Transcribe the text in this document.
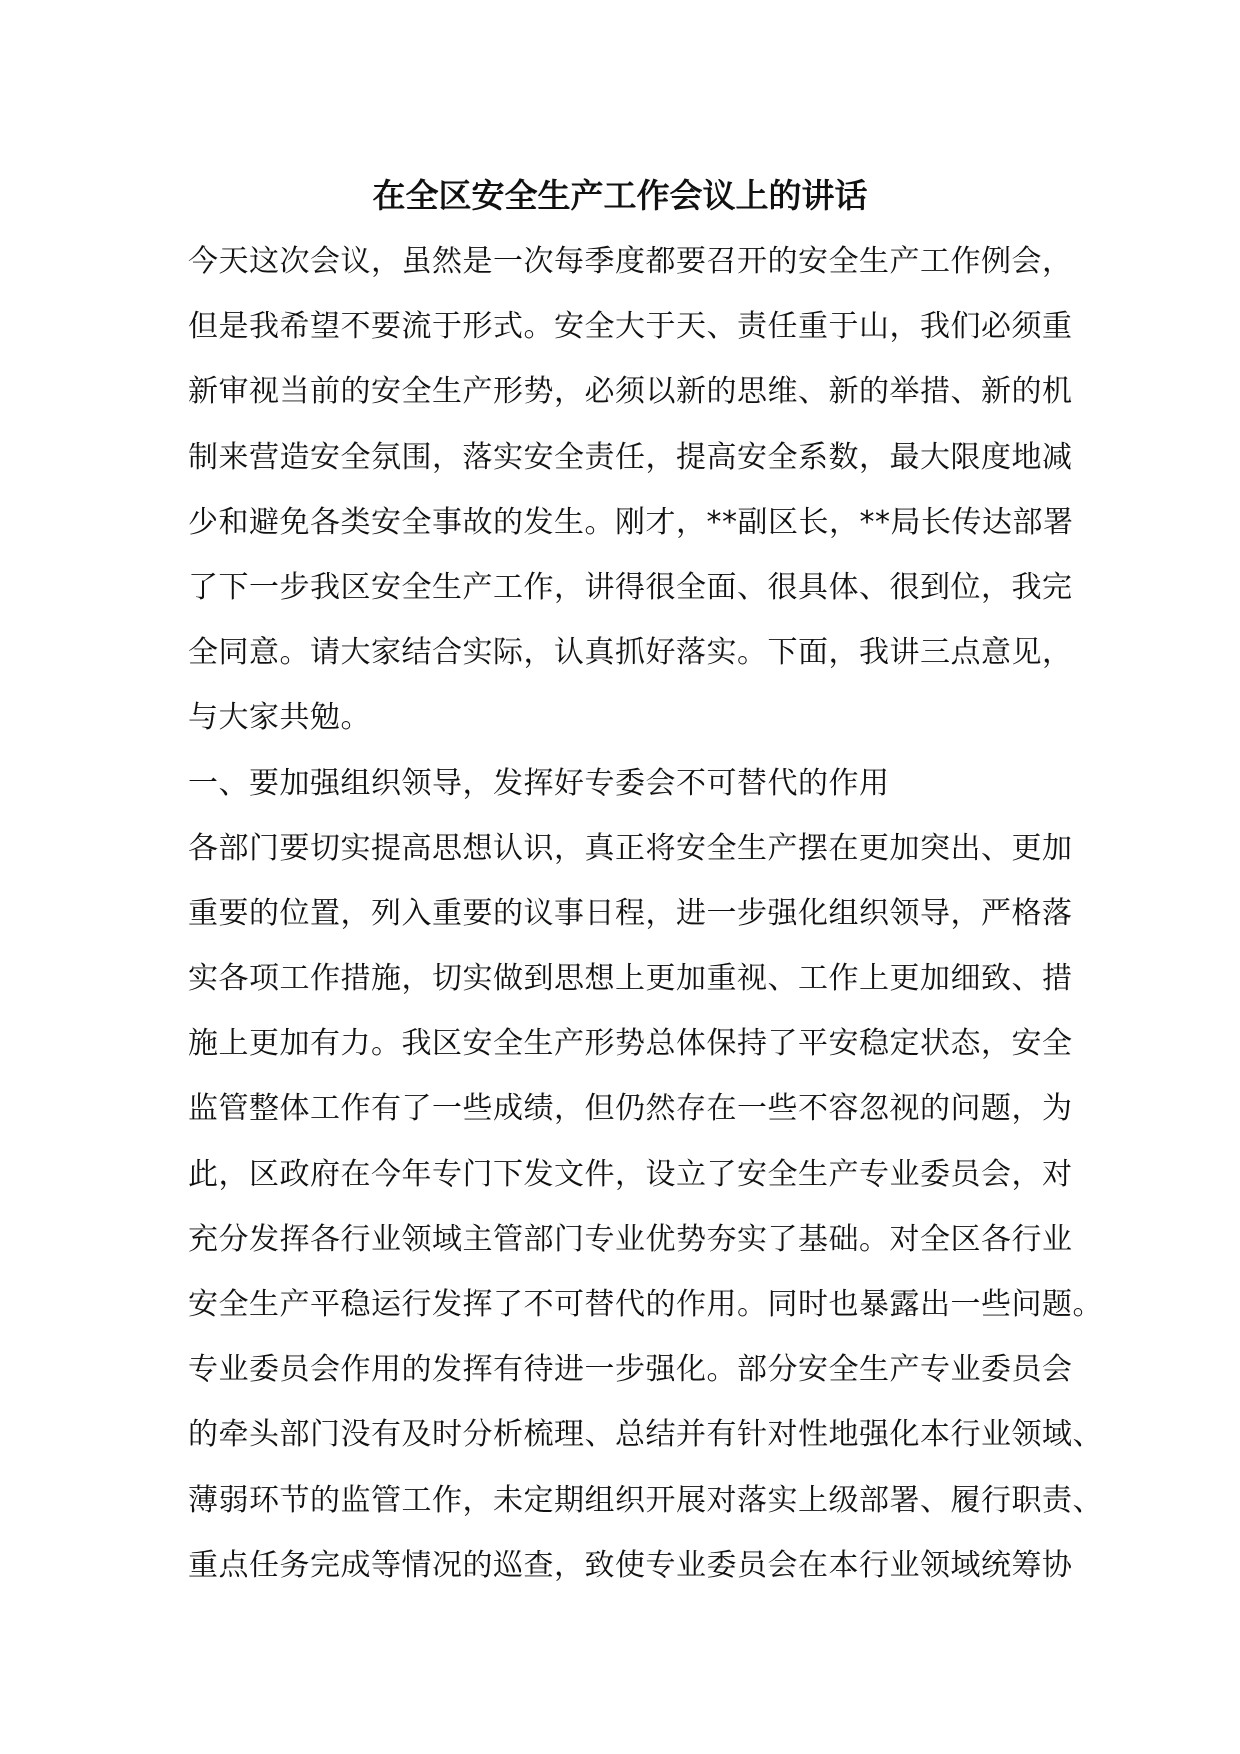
在全区安全生产工作会议上的讲话
今天这次会议，虽然是一次每季度都要召开的安全生产工作例会，
但是我希望不要流于形式。安全大于天、责任重于山，我们必须重
新审视当前的安全生产形势，必须以新的思维、新的举措、新的机
制来营造安全氛围，落实安全责任，提高安全系数，最大限度地减
少和避免各类安全事故的发生。刚才，**副区长，**局长传达部署
了下一步我区安全生产工作，讲得很全面、很具体、很到位，我完
全同意。请大家结合实际，认真抓好落实。下面，我讲三点意见，
与大家共勉。
一、要加强组织领导，发挥好专委会不可替代的作用
各部门要切实提高思想认识，真正将安全生产摆在更加突出、更加
重要的位置，列入重要的议事日程，进一步强化组织领导，严格落
实各项工作措施，切实做到思想上更加重视、工作上更加细致、措
施上更加有力。我区安全生产形势总体保持了平安稳定状态，安全
监管整体工作有了一些成绩，但仍然存在一些不容忽视的问题，为
此，区政府在今年专门下发文件，设立了安全生产专业委员会，对
充分发挥各行业领域主管部门专业优势夯实了基础。对全区各行业
安全生产平稳运行发挥了不可替代的作用。同时也暴露出一些问题。
专业委员会作用的发挥有待进一步强化。部分安全生产专业委员会
的牵头部门没有及时分析梳理、总结并有针对性地强化本行业领域、
薄弱环节的监管工作，未定期组织开展对落实上级部署、履行职责、
重点任务完成等情况的巡查，致使专业委员会在本行业领域统筹协
